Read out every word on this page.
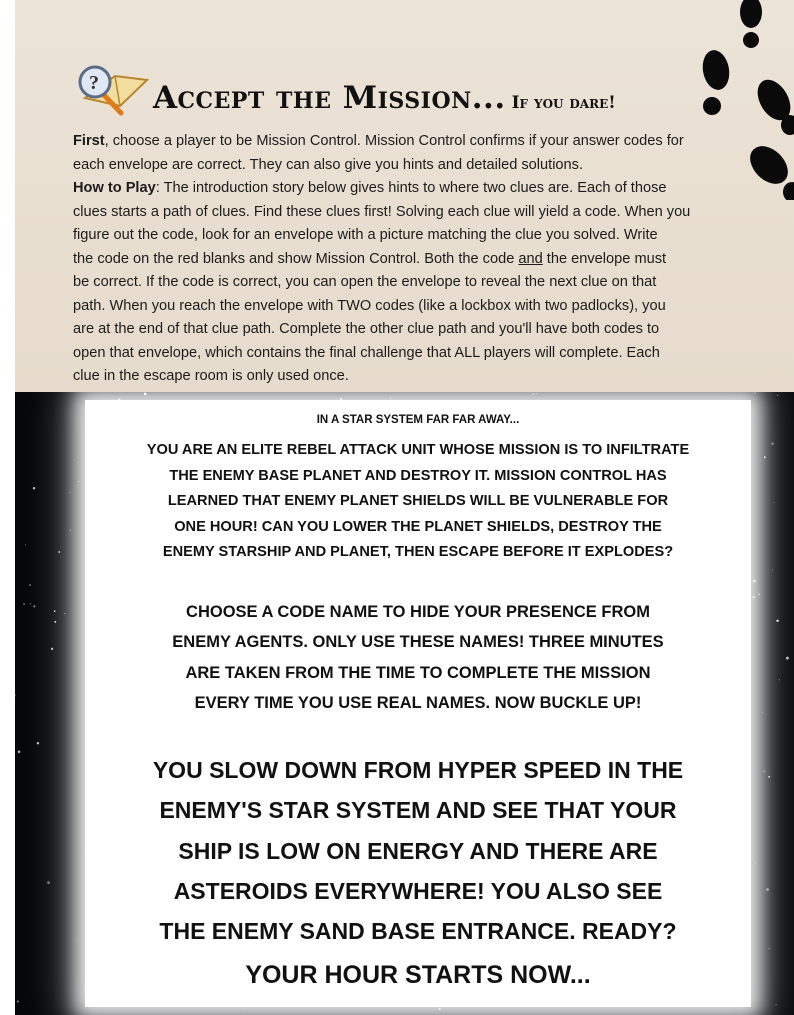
? Accept the Mission... If you dare!
First, choose a player to be Mission Control. Mission Control confirms if your answer codes for
each envelope are correct. They can also give you hints and detailed solutions.
How to Play: The introduction story below gives hints to where two clues are. Each of those
clues starts a path of clues. Find these clues first! Solving each clue will yield a code. When you
figure out the code, look for an envelope with a picture matching the clue you solved. Write
the code on the red blanks and show Mission Control. Both the code and the envelope must
be correct. If the code is correct, you can open the envelope to reveal the next clue on that
path. When you reach the envelope with TWO codes (like a lockbox with two padlocks), you
are at the end of that clue path. Complete the other clue path and you'll have both codes to
open that envelope, which contains the final challenge that ALL players will complete. Each
clue in the escape room is only used once.
IN A STAR SYSTEM FAR FAR AWAY...
YOU ARE AN ELITE REBEL ATTACK UNIT WHOSE MISSION IS TO INFILTRATE
THE ENEMY BASE PLANET AND DESTROY IT. MISSION CONTROL HAS
LEARNED THAT ENEMY PLANET SHIELDS WILL BE VULNERABLE FOR
ONE HOUR! CAN YOU LOWER THE PLANET SHIELDS, DESTROY THE
ENEMY STARSHIP AND PLANET, THEN ESCAPE BEFORE IT EXPLODES?
CHOOSE A CODE NAME TO HIDE YOUR PRESENCE FROM
ENEMY AGENTS. ONLY USE THESE NAMES! THREE MINUTES
ARE TAKEN FROM THE TIME TO COMPLETE THE MISSION
EVERY TIME YOU USE REAL NAMES. NOW BUCKLE UP!
YOU SLOW DOWN FROM HYPER SPEED IN THE
ENEMY'S STAR SYSTEM AND SEE THAT YOUR
SHIP IS LOW ON ENERGY AND THERE ARE
ASTEROIDS EVERYWHERE! YOU ALSO SEE
THE ENEMY SAND BASE ENTRANCE. READY?
YOUR HOUR STARTS NOW...
